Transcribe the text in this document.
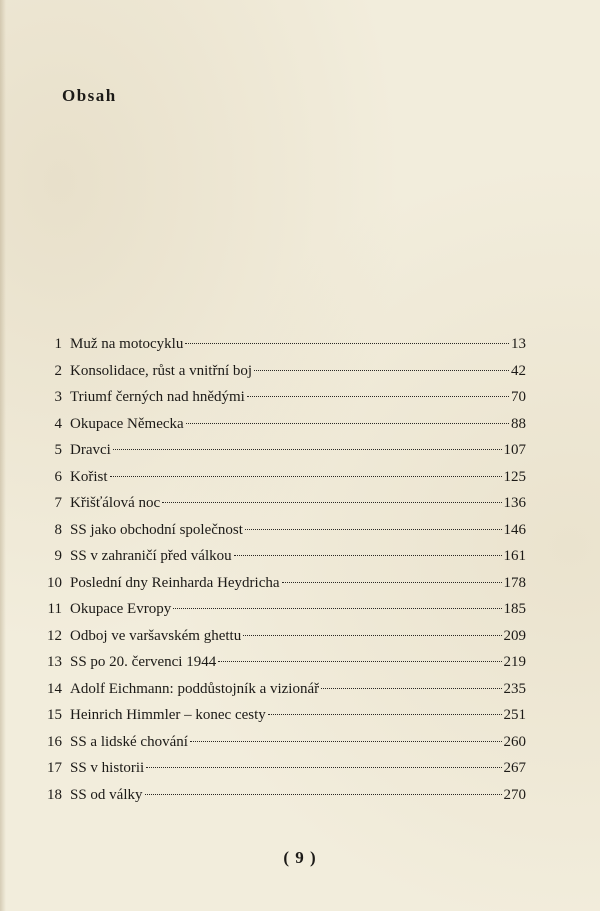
Obsah
1 Muž na motocyklu	13
2 Konsolidace, růst a vnitřní boj	42
3 Triumf černých nad hnědými	70
4 Okupace Německa	88
5 Dravci	107
6 Kořist	125
7 Křišťálová noc	136
8 SS jako obchodní společnost	146
9 SS v zahraničí před válkou	161
10 Poslední dny Reinharda Heydricha	178
11 Okupace Evropy	185
12 Odboj ve varšavském ghettu	209
13 SS po 20. červenci 1944	219
14 Adolf Eichmann: poddůstojník a vizionář	235
15 Heinrich Himmler – konec cesty	251
16 SS a lidské chování	260
17 SS v historii	267
18 SS od války	270
( 9 )
